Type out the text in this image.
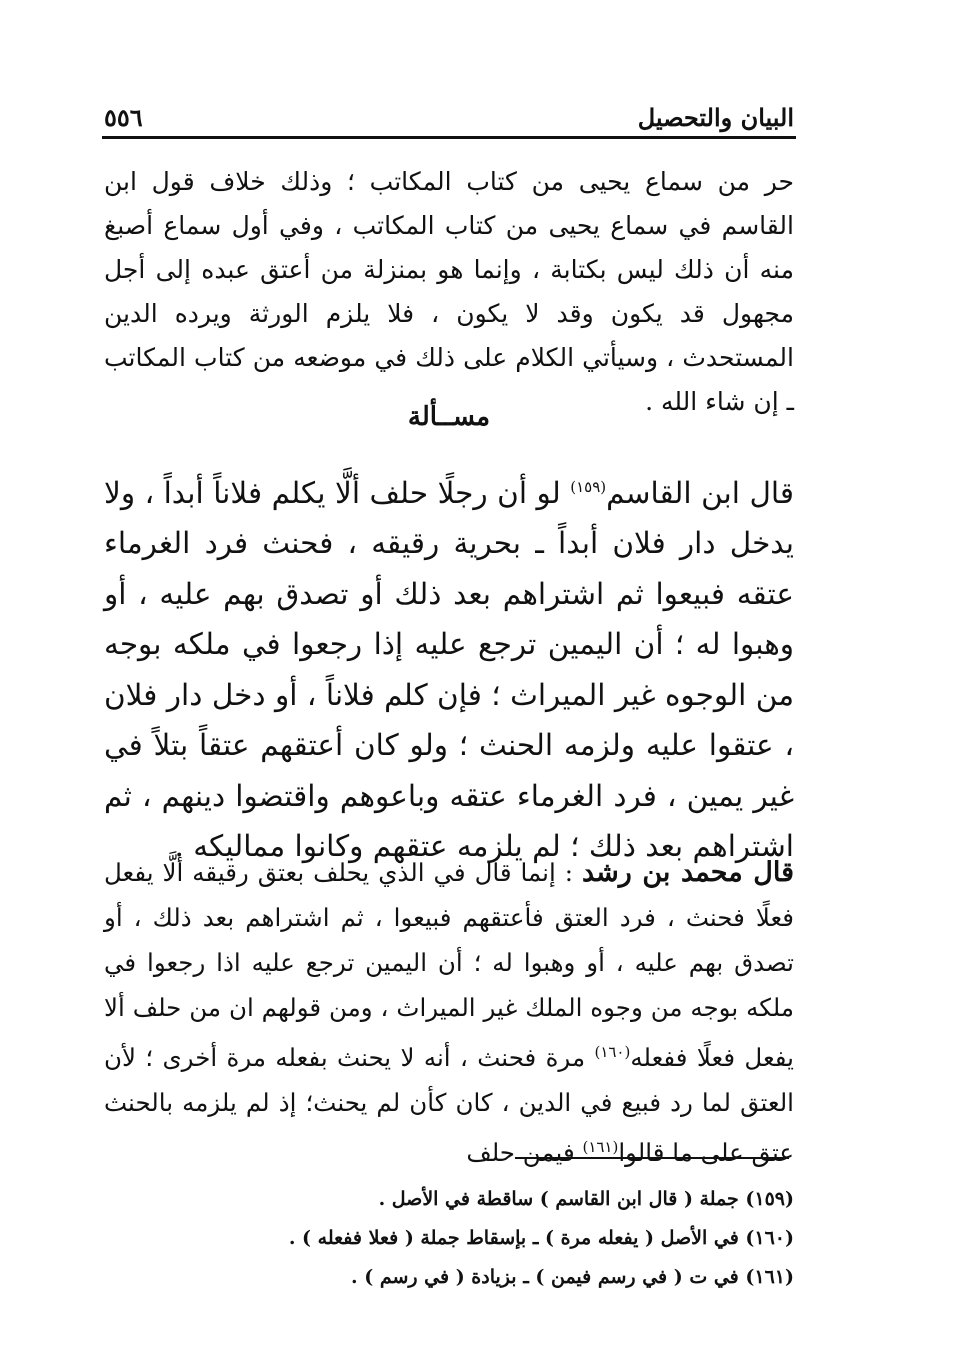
البيان والتحصيل
٥٥٦
حر من سماع يحيى من كتاب المكاتب ؛ وذلك خلاف قول ابن القاسم في سماع يحيى من كتاب المكاتب ، وفي أول سماع أصبغ منه أن ذلك ليس بكتابة ، وإنما هو بمنزلة من أعتق عبده إلى أجل مجهول قد يكون وقد لا يكون ، فلا يلزم الورثة ويرده الدين المستحدث ، وسيأتي الكلام على ذلك في موضعه من كتاب المكاتب ـ إن شاء الله .
مســألة
قال ابن القاسم$^{(١٥٩)}$ لو أن رجلًا حلف ألَّا يكلم فلاناً أبداً ، ولا يدخل دار فلان أبداً ـ بحرية رقيقه ، فحنث فرد الغرماء عتقه فبيعوا ثم اشتراهم بعد ذلك أو تصدق بهم عليه ، أو وهبوا له ؛ أن اليمين ترجع عليه إذا رجعوا في ملكه بوجه من الوجوه غير الميراث ؛ فإن كلم فلاناً ، أو دخل دار فلان ، عتقوا عليه ولزمه الحنث ؛ ولو كان أعتقهم عتقاً بتلاً في غير يمين ، فرد الغرماء عتقه وباعوهم واقتضوا دينهم ، ثم اشتراهم بعد ذلك ؛ لم يلزمه عتقهم وكانوا مماليكه .
قال محمد بن رشد : إنما قال في الذي يحلف بعتق رقيقه ألَّا يفعل فعلًا فحنث ، فرد العتق فأعتقهم فبيعوا ، ثم اشتراهم بعد ذلك ، أو تصدق بهم عليه ، أو وهبوا له ؛ أن اليمين ترجع عليه اذا رجعوا في ملكه بوجه من وجوه الملك غير الميراث ، ومن قولهم ان من حلف ألا يفعل فعلًا ففعله$^{(١٦٠)}$ مرة فحنث ، أنه لا يحنث بفعله مرة أخرى ؛ لأن العتق لما رد فبيع في الدين ، كان كأن لم يحنث؛ إذ لم يلزمه بالحنث عتق على ما قالوا$^{(١٦١)}$ فيمن حلف
(١٥٩) جملة ( قال ابن القاسم ) ساقطة في الأصل .
(١٦٠) في الأصل ( يفعله مرة ) ـ بإسقاط جملة ( فعلا ففعله ) .
(١٦١) في ت ( في رسم فيمن ) ـ بزيادة ( في رسم ) .
